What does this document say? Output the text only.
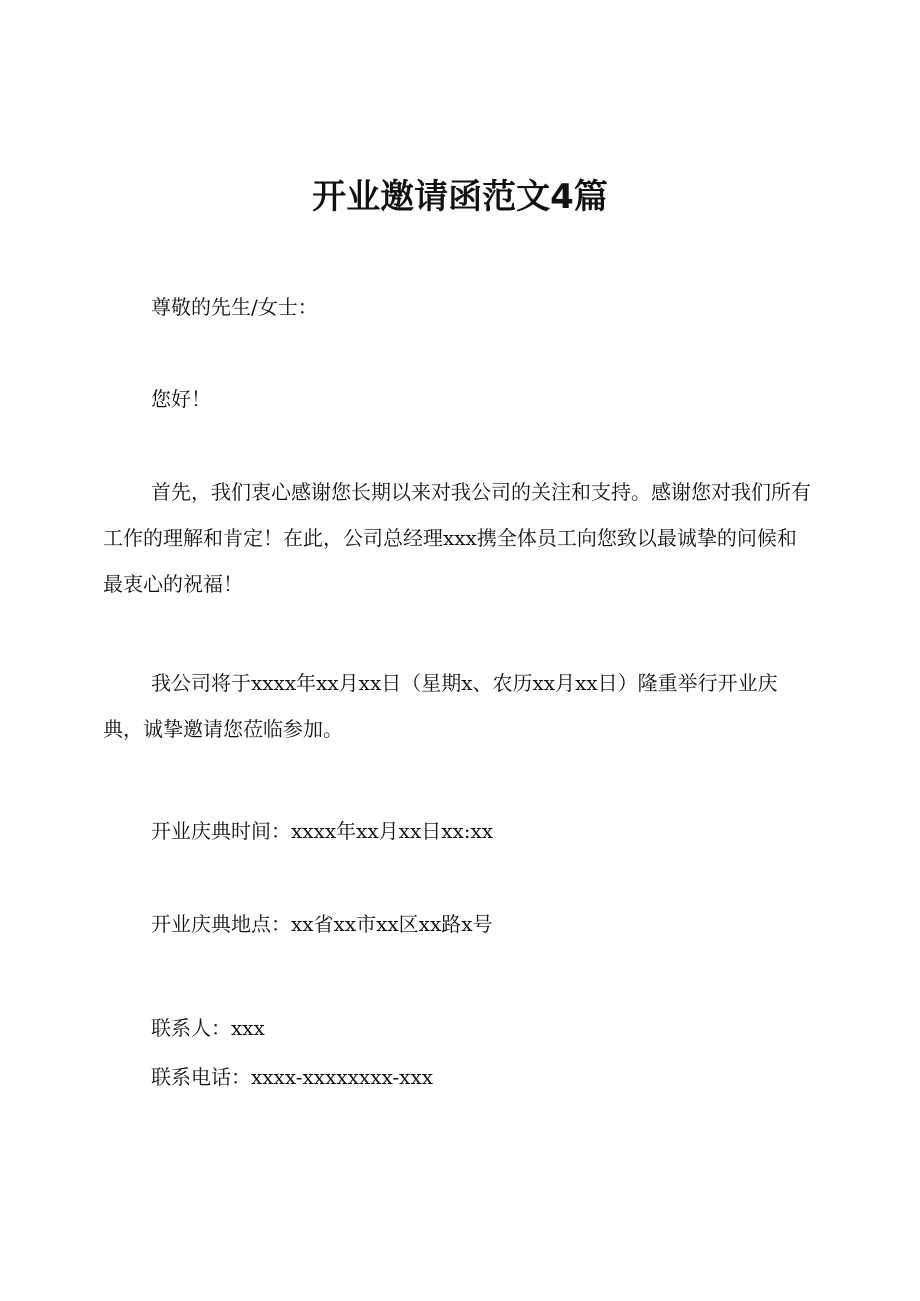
开业邀请函范文4篇

尊敬的先生/女士：

您好！

首先，我们衷心感谢您长期以来对我公司的关注和支持。感谢您对我们所有工作的理解和肯定！在此，公司总经理xxx携全体员工向您致以最诚挚的问候和最衷心的祝福！

我公司将于xxxx年xx月xx日（星期x、农历xx月xx日）隆重举行开业庆典，诚挚邀请您莅临参加。

开业庆典时间：xxxx年xx月xx日xx:xx

开业庆典地点：xx省xx市xx区xx路x号

联系人：xxx

联系电话：xxxx-xxxxxxxx-xxx
